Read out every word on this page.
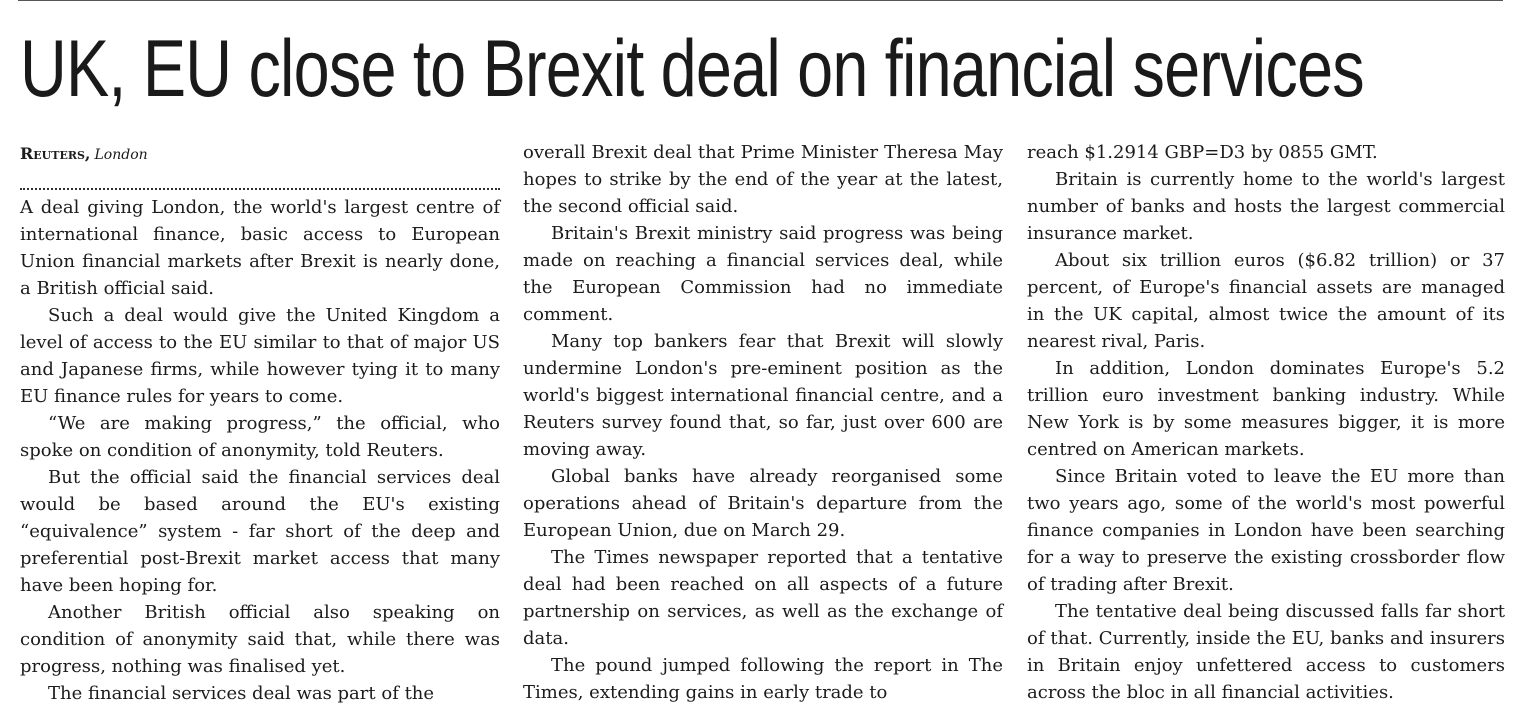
UK, EU close to Brexit deal on financial services
Reuters, London

A deal giving London, the world's largest centre of international finance, basic access to European Union financial markets after Brexit is nearly done, a British official said.

Such a deal would give the United Kingdom a level of access to the EU similar to that of major US and Japanese firms, while however tying it to many EU finance rules for years to come.

“We are making progress,” the official, who spoke on condition of anonymity, told Reuters.

But the official said the financial services deal would be based around the EU's existing “equivalence” system - far short of the deep and preferential post-Brexit market access that many have been hoping for.

Another British official also speaking on condition of anonymity said that, while there was progress, nothing was finalised yet.

The financial services deal was part of the

overall Brexit deal that Prime Minister Theresa May hopes to strike by the end of the year at the latest, the second official said.

Britain's Brexit ministry said progress was being made on reaching a financial services deal, while the European Commission had no immediate comment.

Many top bankers fear that Brexit will slowly undermine London's pre-eminent position as the world's biggest international financial centre, and a Reuters survey found that, so far, just over 600 are moving away.

Global banks have already reorganised some operations ahead of Britain's departure from the European Union, due on March 29.

The Times newspaper reported that a tentative deal had been reached on all aspects of a future partnership on services, as well as the exchange of data.

The pound jumped following the report in The Times, extending gains in early trade to

reach $1.2914 GBP=D3 by 0855 GMT.

Britain is currently home to the world's largest number of banks and hosts the largest commercial insurance market.

About six trillion euros ($6.82 trillion) or 37 percent, of Europe's financial assets are managed in the UK capital, almost twice the amount of its nearest rival, Paris.

In addition, London dominates Europe's 5.2 trillion euro investment banking industry. While New York is by some measures bigger, it is more centred on American markets.

Since Britain voted to leave the EU more than two years ago, some of the world's most powerful finance companies in London have been searching for a way to preserve the existing crossborder flow of trading after Brexit.

The tentative deal being discussed falls far short of that. Currently, inside the EU, banks and insurers in Britain enjoy unfettered access to customers across the bloc in all financial activities.
